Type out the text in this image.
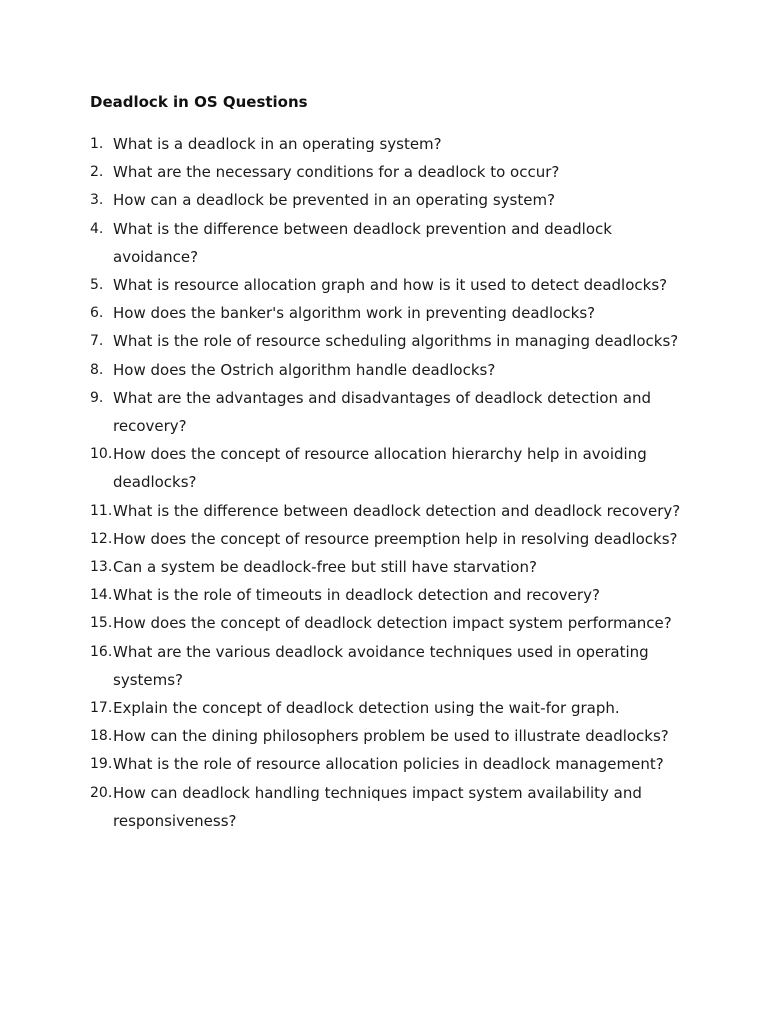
Deadlock in OS Questions
1. What is a deadlock in an operating system?
2. What are the necessary conditions for a deadlock to occur?
3. How can a deadlock be prevented in an operating system?
4. What is the difference between deadlock prevention and deadlock avoidance?
5. What is resource allocation graph and how is it used to detect deadlocks?
6. How does the banker's algorithm work in preventing deadlocks?
7. What is the role of resource scheduling algorithms in managing deadlocks?
8. How does the Ostrich algorithm handle deadlocks?
9. What are the advantages and disadvantages of deadlock detection and recovery?
10. How does the concept of resource allocation hierarchy help in avoiding deadlocks?
11. What is the difference between deadlock detection and deadlock recovery?
12. How does the concept of resource preemption help in resolving deadlocks?
13. Can a system be deadlock-free but still have starvation?
14. What is the role of timeouts in deadlock detection and recovery?
15. How does the concept of deadlock detection impact system performance?
16. What are the various deadlock avoidance techniques used in operating systems?
17. Explain the concept of deadlock detection using the wait-for graph.
18. How can the dining philosophers problem be used to illustrate deadlocks?
19. What is the role of resource allocation policies in deadlock management?
20. How can deadlock handling techniques impact system availability and responsiveness?
